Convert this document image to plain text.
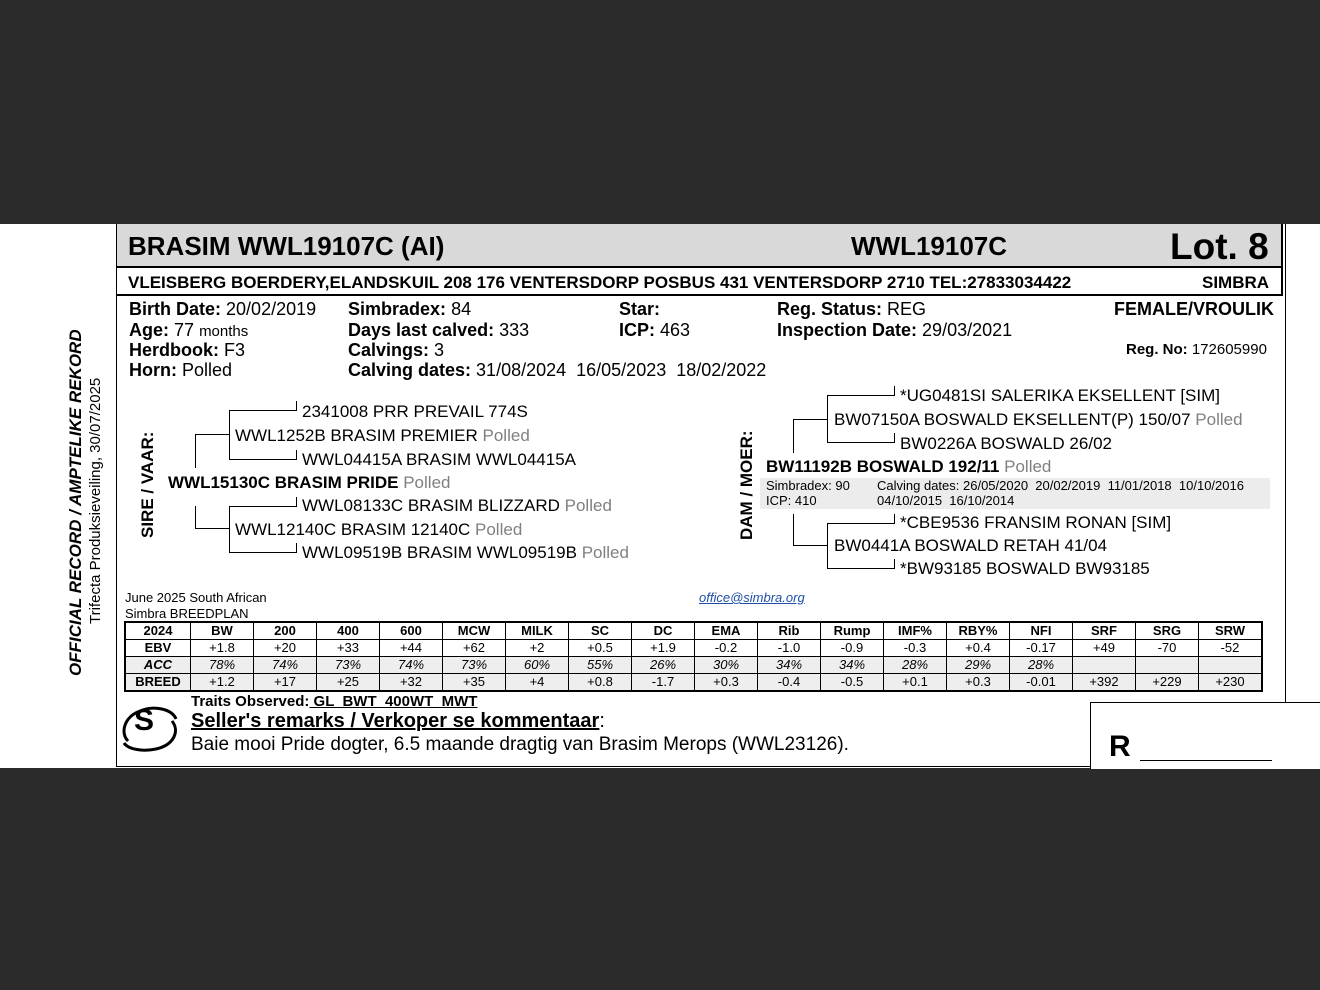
BRASIM WWL19107C (AI)	WWL19107C	Lot. 8
VLEISBERG BOERDERY,ELANDSKUIL 208 176 VENTERSDORP POSBUS 431 VENTERSDORP 2710 TEL:27833034422	SIMBRA
Birth Date: 20/02/2019
Age: 77 months
Herdbook: F3
Horn: Polled
Simbradex: 84
Days last calved: 333
Calvings: 3
Calving dates: 31/08/2024  16/05/2023  18/02/2022
Star:
ICP: 463
Reg. Status: REG
Inspection Date: 29/03/2021
FEMALE/VROULIK
Reg. No: 172605990
OFFICIAL RECORD / AMPTELIKE REKORD Trifecta Produksieveiling, 30/07/2025 SIRE / VAAR:
2341008 PRR PREVAIL 774S
WWL1252B BRASIM PREMIER Polled
WWL04415A BRASIM WWL04415A
WWL15130C BRASIM PRIDE Polled
WWL08133C BRASIM BLIZZARD Polled
WWL12140C BRASIM 12140C Polled
WWL09519B BRASIM WWL09519B Polled
DAM / MOER:
*UG0481SI SALERIKA EKSELLENT [SIM]
BW07150A BOSWALD EKSELLENT(P) 150/07 Polled
BW0226A BOSWALD 26/02
BW11192B BOSWALD 192/11 Polled
Simbradex: 90
ICP: 410
Calving dates: 26/05/2020  20/02/2019  11/01/2018  10/10/2016
04/10/2015  16/10/2014
*CBE9536 FRANSIM RONAN [SIM]
BW0441A BOSWALD RETAH 41/04
*BW93185 BOSWALD BW93185
June 2025 South African
Simbra BREEDPLAN
office@simbra.org
2024	BW	200	400	600	MCW	MILK	SC	DC	EMA	Rib	Rump	IMF%	RBY%	NFI	SRF	SRG	SRW
EBV	+1.8	+20	+33	+44	+62	+2	+0.5	+1.9	-0.2	-1.0	-0.9	-0.3	+0.4	-0.17	+49	-70	-52
ACC	78%	74%	73%	74%	73%	60%	55%	26%	30%	34%	34%	28%	29%	28%			
BREED	+1.2	+17	+25	+32	+35	+4	+0.8	-1.7	+0.3	-0.4	-0.5	+0.1	+0.3	-0.01	+392	+229	+230
S
Traits Observed: GL  BWT  400WT  MWT
Seller's remarks / Verkoper se kommentaar:
Baie mooi Pride dogter, 6.5 maande dragtig van Brasim Merops (WWL23126).	R
